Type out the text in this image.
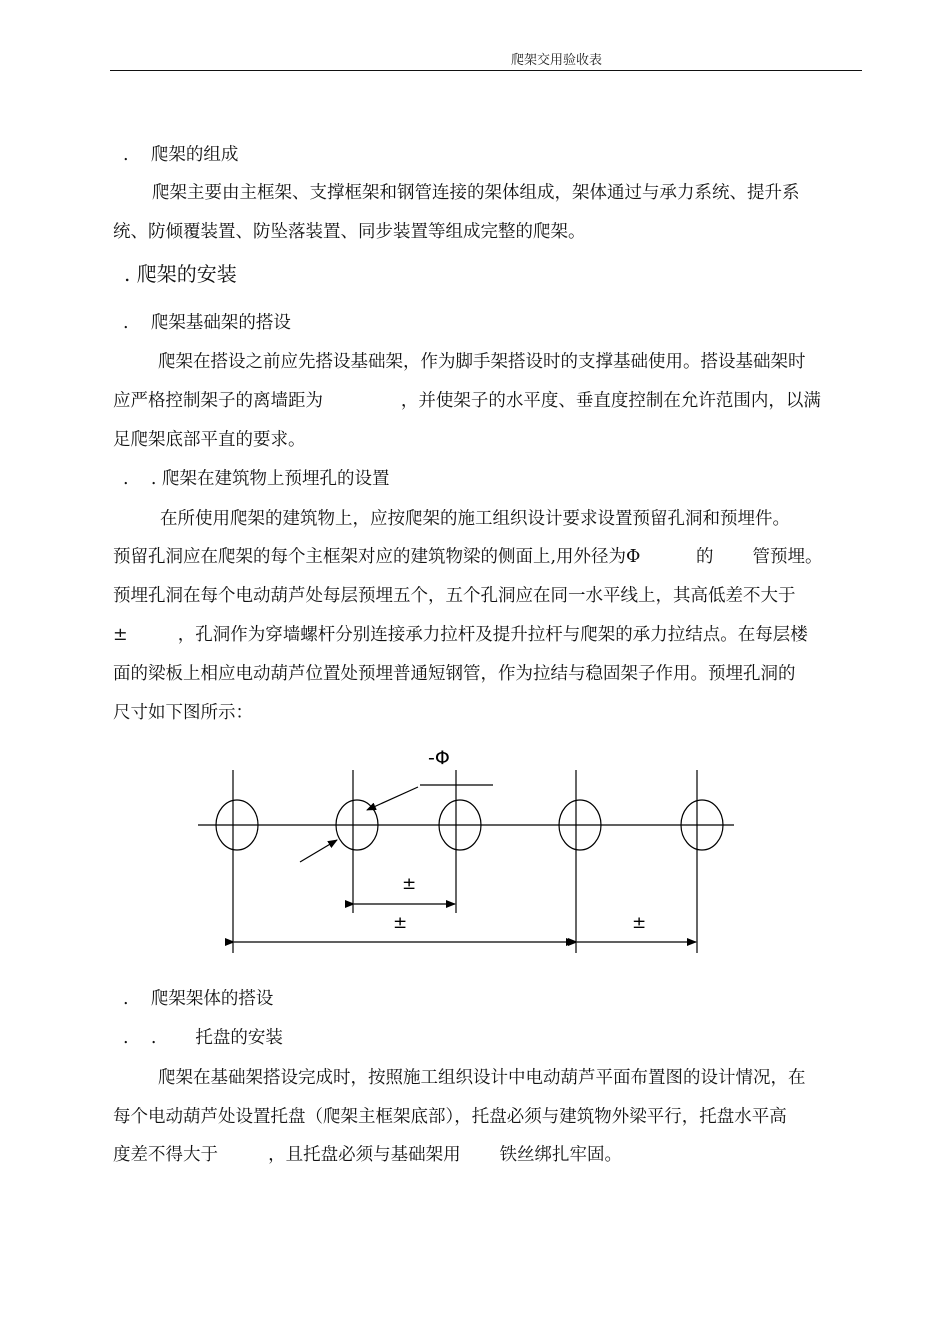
爬架交用验收表
.    爬架的组成
爬架主要由主框架、支撑框架和钢管连接的架体组成，架体通过与承力系统、提升系
统、防倾覆装置、防坠落装置、同步装置等组成完整的爬架。
. 爬架的安装
.    爬架基础架的搭设
爬架在搭设之前应先搭设基础架，作为脚手架搭设时的支撑基础使用。搭设基础架时
应严格控制架子的离墙距为              ，并使架子的水平度、垂直度控制在允许范围内，以满
足爬架底部平直的要求。
.    . 爬架在建筑物上预埋孔的设置
在所使用爬架的建筑物上，应按爬架的施工组织设计要求设置预留孔洞和预埋件。
预留孔洞应在爬架的每个主框架对应的建筑物梁的侧面上,用外径为Φ          的       管预埋。
预埋孔洞在每个电动葫芦处每层预埋五个，五个孔洞应在同一水平线上，其高低差不大于
±         ，孔洞作为穿墙螺杆分别连接承力拉杆及提升拉杆与爬架的承力拉结点。在每层楼
面的梁板上相应电动葫芦位置处预埋普通短钢管，作为拉结与稳固架子作用。预埋孔洞的
尺寸如下图所示：
-Φ
±
±	±
.    爬架架体的搭设
.    .       托盘的安装
爬架在基础架搭设完成时，按照施工组织设计中电动葫芦平面布置图的设计情况，在
每个电动葫芦处设置托盘（爬架主框架底部），托盘必须与建筑物外梁平行，托盘水平高
度差不得大于         ，且托盘必须与基础架用       铁丝绑扎牢固。
